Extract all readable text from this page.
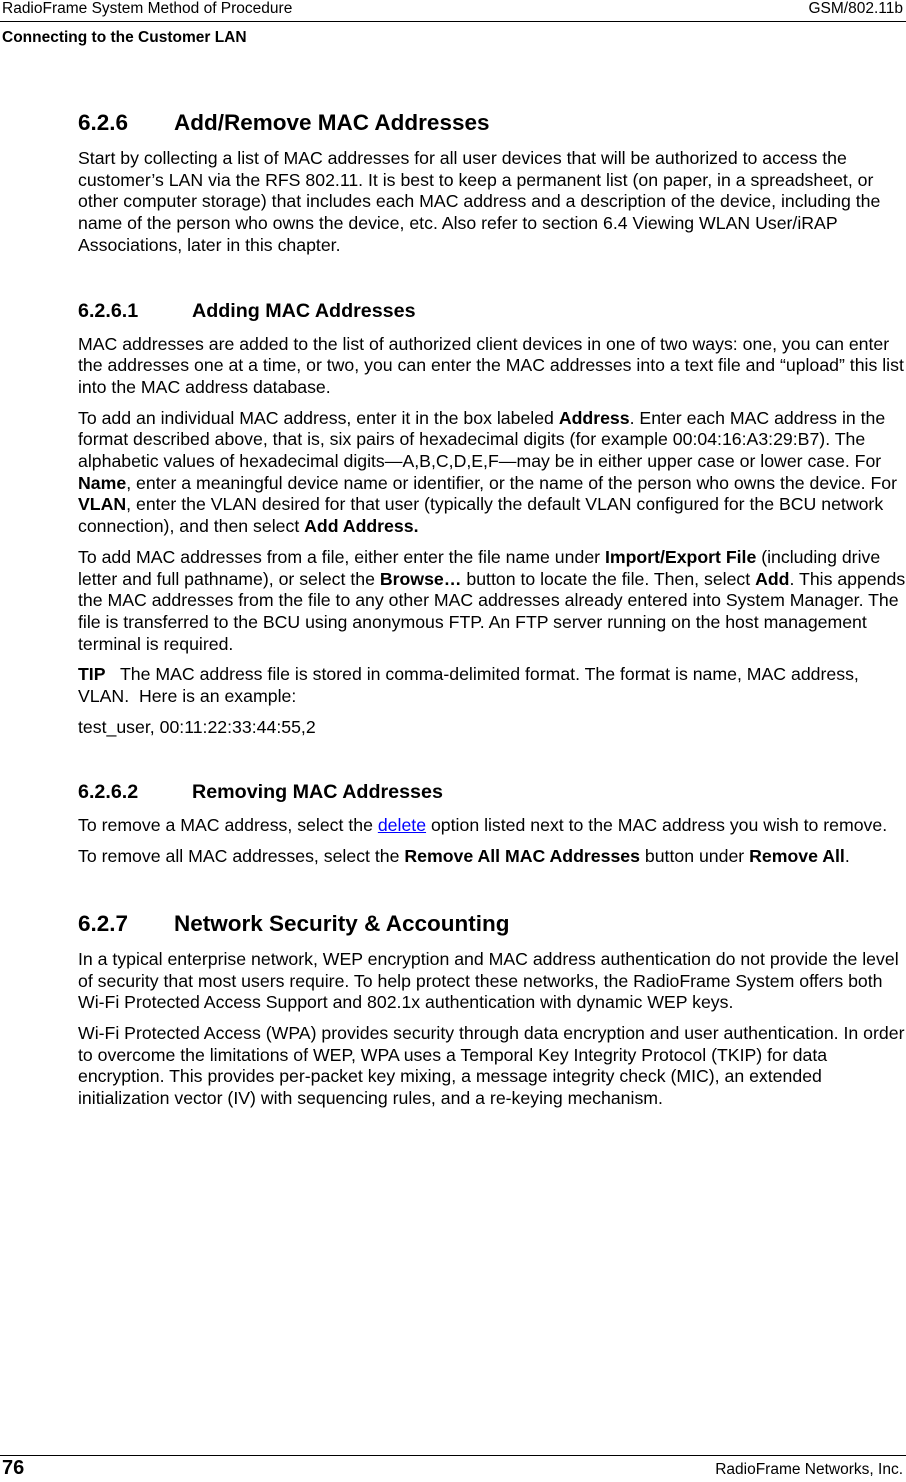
RadioFrame System Method of Procedure	GSM/802.11b
Connecting to the Customer LAN
6.2.6 Add/Remove MAC Addresses

Start by collecting a list of MAC addresses for all user devices that will be authorized to access the customer’s LAN via the RFS 802.11. It is best to keep a permanent list (on paper, in a spreadsheet, or other computer storage) that includes each MAC address and a description of the device, including the name of the person who owns the device, etc. Also refer to section 6.4 Viewing WLAN User/iRAP Associations, later in this chapter.

6.2.6.1	Adding MAC Addresses

MAC addresses are added to the list of authorized client devices in one of two ways: one, you can enter the addresses one at a time, or two, you can enter the MAC addresses into a text file and “upload” this list into the MAC address database.

To add an individual MAC address, enter it in the box labeled Address. Enter each MAC address in the format described above, that is, six pairs of hexadecimal digits (for example 00:04:16:A3:29:B7). The alphabetic values of hexadecimal digits—A,B,C,D,E,F—may be in either upper case or lower case. For Name, enter a meaningful device name or identifier, or the name of the person who owns the device. For VLAN, enter the VLAN desired for that user (typically the default VLAN configured for the BCU network connection), and then select Add Address.

To add MAC addresses from a file, either enter the file name under Import/Export File (including drive letter and full pathname), or select the Browse… button to locate the file. Then, select Add. This appends the MAC addresses from the file to any other MAC addresses already entered into System Manager. The file is transferred to the BCU using anonymous FTP. An FTP server running on the host management terminal is required.

TIP   The MAC address file is stored in comma-delimited format. The format is name, MAC address, VLAN.  Here is an example:

test_user, 00:11:22:33:44:55,2

6.2.6.2	Removing MAC Addresses

To remove a MAC address, select the delete option listed next to the MAC address you wish to remove.

To remove all MAC addresses, select the Remove All MAC Addresses button under Remove All.

6.2.7 Network Security & Accounting

In a typical enterprise network, WEP encryption and MAC address authentication do not provide the level of security that most users require. To help protect these networks, the RadioFrame System offers both Wi-Fi Protected Access Support and 802.1x authentication with dynamic WEP keys.

Wi-Fi Protected Access (WPA) provides security through data encryption and user authentication. In order to overcome the limitations of WEP, WPA uses a Temporal Key Integrity Protocol (TKIP) for data encryption. This provides per-packet key mixing, a message integrity check (MIC), an extended initialization vector (IV) with sequencing rules, and a re-keying mechanism.

76	RadioFrame Networks, Inc.
